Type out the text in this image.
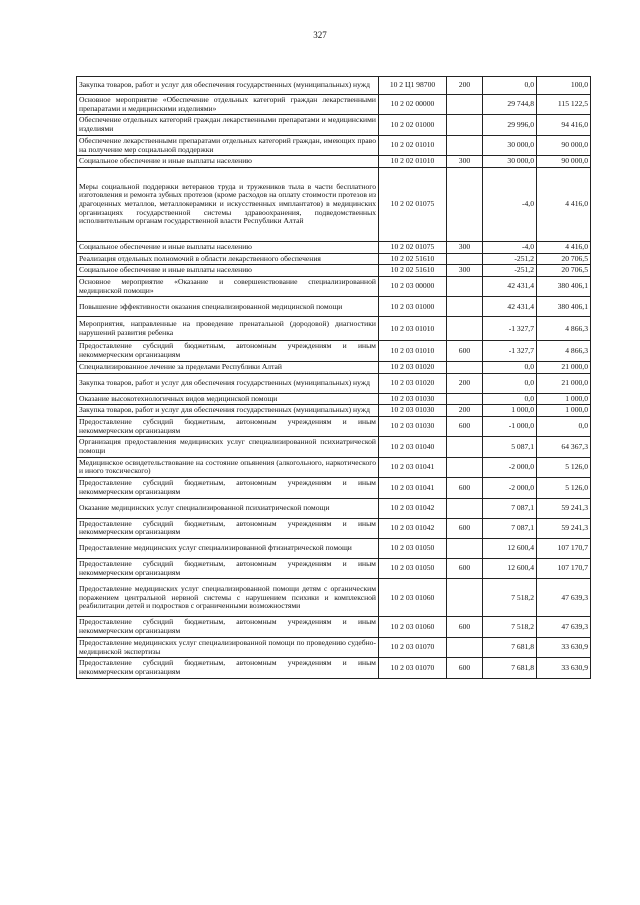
327
Закупка товаров, работ и услуг для обеспечения государственных (муниципальных) нужд	10 2 Ц1 98700	200	0,0	100,0
Основное мероприятие «Обеспечение отдельных категорий граждан лекарственными препаратами и медицинскими изделиями»	10 2 02 00000		29 744,8	115 122,5
Обеспечение отдельных категорий граждан лекарственными препаратами и медицинскими изделиями	10 2 02 01000		29 996,0	94 416,0
Обеспечение лекарственными препаратами отдельных категорий граждан, имеющих право на получение мер социальной поддержки	10 2 02 01010		30 000,0	90 000,0
Социальное обеспечение и иные выплаты населению	10 2 02 01010	300	30 000,0	90 000,0
Меры социальной поддержки ветеранов труда и тружеников тыла в части бесплатного изготовления и ремонта зубных протезов (кроме расходов на оплату стоимости протезов из драгоценных металлов, металлокерамики и искусственных имплантатов) в медицинских организациях государственной системы здравоохранения, подведомственных исполнительным органам государственной власти Республики Алтай	10 2 02 01075		-4,0	4 416,0
Социальное обеспечение и иные выплаты населению	10 2 02 01075	300	-4,0	4 416,0
Реализация отдельных полномочий в области лекарственного обеспечения	10 2 02 51610		-251,2	20 706,5
Социальное обеспечение и иные выплаты населению	10 2 02 51610	300	-251,2	20 706,5
Основное мероприятие «Оказание и совершенствование специализированной медицинской помощи»	10 2 03 00000		42 431,4	380 406,1
Повышение эффективности оказания специализированной медицинской помощи	10 2 03 01000		42 431,4	380 406,1
Мероприятия, направленные на проведение пренатальной (дородовой) диагностики нарушений развития ребенка	10 2 03 01010		-1 327,7	4 866,3
Предоставление субсидий бюджетным, автономным учреждениям и иным некоммерческим организациям	10 2 03 01010	600	-1 327,7	4 866,3
Специализированное лечение за пределами Республики Алтай	10 2 03 01020		0,0	21 000,0
Закупка товаров, работ и услуг для обеспечения государственных (муниципальных) нужд	10 2 03 01020	200	0,0	21 000,0
Оказание высокотехнологичных видов медицинской помощи	10 2 03 01030		0,0	1 000,0
Закупка товаров, работ и услуг для обеспечения государственных (муниципальных) нужд	10 2 03 01030	200	1 000,0	1 000,0
Предоставление субсидий бюджетным, автономным учреждениям и иным некоммерческим организациям	10 2 03 01030	600	-1 000,0	0,0
Организация предоставления медицинских услуг специализированной психиатрической помощи	10 2 03 01040		5 087,1	64 367,3
Медицинское освидетельствование на состояние опьянения (алкогольного, наркотического и иного токсического)	10 2 03 01041		-2 000,0	5 126,0
Предоставление субсидий бюджетным, автономным учреждениям и иным некоммерческим организациям	10 2 03 01041	600	-2 000,0	5 126,0
Оказание медицинских услуг специализированной психиатрической помощи	10 2 03 01042		7 087,1	59 241,3
Предоставление субсидий бюджетным, автономным учреждениям и иным некоммерческим организациям	10 2 03 01042	600	7 087,1	59 241,3
Предоставление медицинских услуг специализированной фтизиатрической помощи	10 2 03 01050		12 600,4	107 170,7
Предоставление субсидий бюджетным, автономным учреждениям и иным некоммерческим организациям	10 2 03 01050	600	12 600,4	107 170,7
Предоставление медицинских услуг специализированной помощи детям с органическим поражением центральной нервной системы с нарушением психики и комплексной реабилитации детей и подростков с ограниченными возможностями	10 2 03 01060		7 518,2	47 639,3
Предоставление субсидий бюджетным, автономным учреждениям и иным некоммерческим организациям	10 2 03 01060	600	7 518,2	47 639,3
Предоставление медицинских услуг специализированной помощи по проведению судебно-медицинской экспертизы	10 2 03 01070		7 681,8	33 630,9
Предоставление субсидий бюджетным, автономным учреждениям и иным некоммерческим организациям	10 2 03 01070	600	7 681,8	33 630,9
